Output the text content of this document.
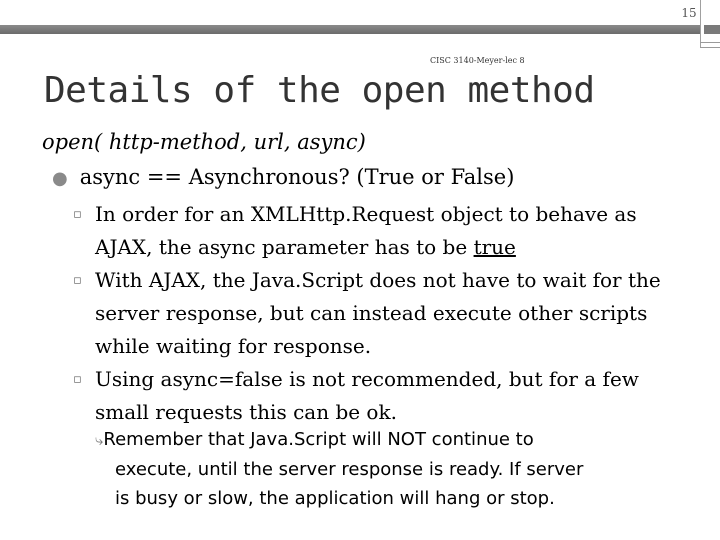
15
CISC 3140-Meyer-lec 8
Details of the open method
open( http-method, url, async)
● async == Asynchronous? (True or False)
▫ In order for an XMLHttp.Request object to behave as AJAX, the async parameter has to be true
▫ With AJAX, the Java.Script does not have to wait for the server response, but can instead execute other scripts while waiting for response.
▫ Using async=false is not recommended, but for a few small requests this can be ok.
⤷Remember that Java.Script will NOT continue to
execute, until the server response is ready. If server
is busy or slow, the application will hang or stop.
